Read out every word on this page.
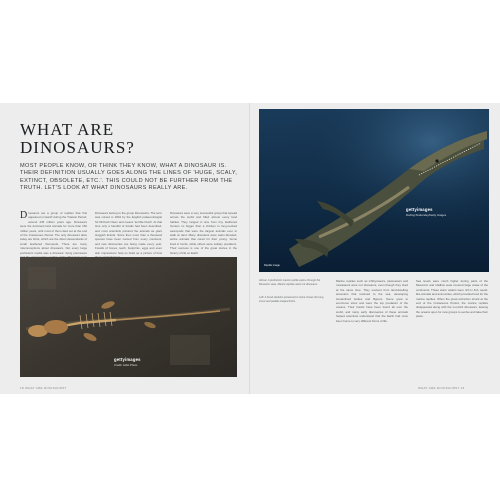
WHAT ARE
DINOSAURS?
MOST PEOPLE KNOW, OR THINK THEY KNOW, WHAT A DINOSAUR IS. THEIR DEFINITION USUALLY GOES ALONG THE LINES OF 'HUGE, SCALY, EXTINCT, OBSOLETE, ETC.'. THIS COULD NOT BE FURTHER FROM THE TRUTH. LET'S LOOK AT WHAT DINOSAURS REALLY ARE.
Dinosaurs are a group of reptiles that first appeared on Earth during the Triassic Period, around 245 million years ago. Dinosaurs were the dominant land animals for more than 160 million years, until most of them died out at the end of the Cretaceous Period. The only dinosaurs alive today are birds, which are the direct descendants of small feathered theropods. There are many misconceptions about dinosaurs. Not every large prehistoric reptile was a dinosaur: flying pterosaurs
Dinosaurs belong to the group Dinosauria. The term was coined in 1842 by the English palaeontologist Sir Richard Owen and means 'terrible lizard'. At that time only a handful of fossils had been described, and most scientists pictured the animals as giant sluggish lizards. Since then more than a thousand species have been named from every continent, and new discoveries are being made every year. Fossils of bones, teeth, footprints, eggs and even skin impressions help us build up a picture of how
Dinosaurs were a very successful group that spread across the world and filled almost every land habitat. They ranged in size from tiny feathered hunters no bigger than a chicken to long-necked sauropods that were the largest animals ever to walk on land. Many dinosaurs were warm-blooded, active animals that cared for their young. Some lived in herds, while others were solitary predators. Their success is one of the great stories in the history of life on Earth.
gettyimages
Credit: Artist Photo
18 WHAT ARE DINOSAURS?
gettyimages
Dorling Kindersley/Getty Images
Reptile image
Above: A prehistoric marine reptile swims through the Mesozoic seas. Marine reptiles were not dinosaurs.
Left: A fossil skeleton preserved in stone shows the long snout and paddle-shaped limbs.
Marine reptiles such as ichthyosaurs, plesiosaurs and mosasaurs were not dinosaurs, even though they lived at the same time. They evolved from land-dwelling ancestors that returned to the sea, developing streamlined bodies and flippers. Some grew to enormous sizes and were the top predators of the oceans. Their fossils have been found all over the world, and many early discoveries of these animals helped scientists understand that the Earth had once been home to very different forms of life.
Sea levels were much higher during parts of the Mesozoic and shallow seas covered large areas of the continents. These warm waters were rich in fish, squid-like animals and ammonites, which provided food for the marine reptiles. When the great extinction struck at the end of the Cretaceous Period, the marine reptiles disappeared along with the non-bird dinosaurs, leaving the oceans open for new groups to evolve and take their place.
WHAT ARE DINOSAURS? 19
